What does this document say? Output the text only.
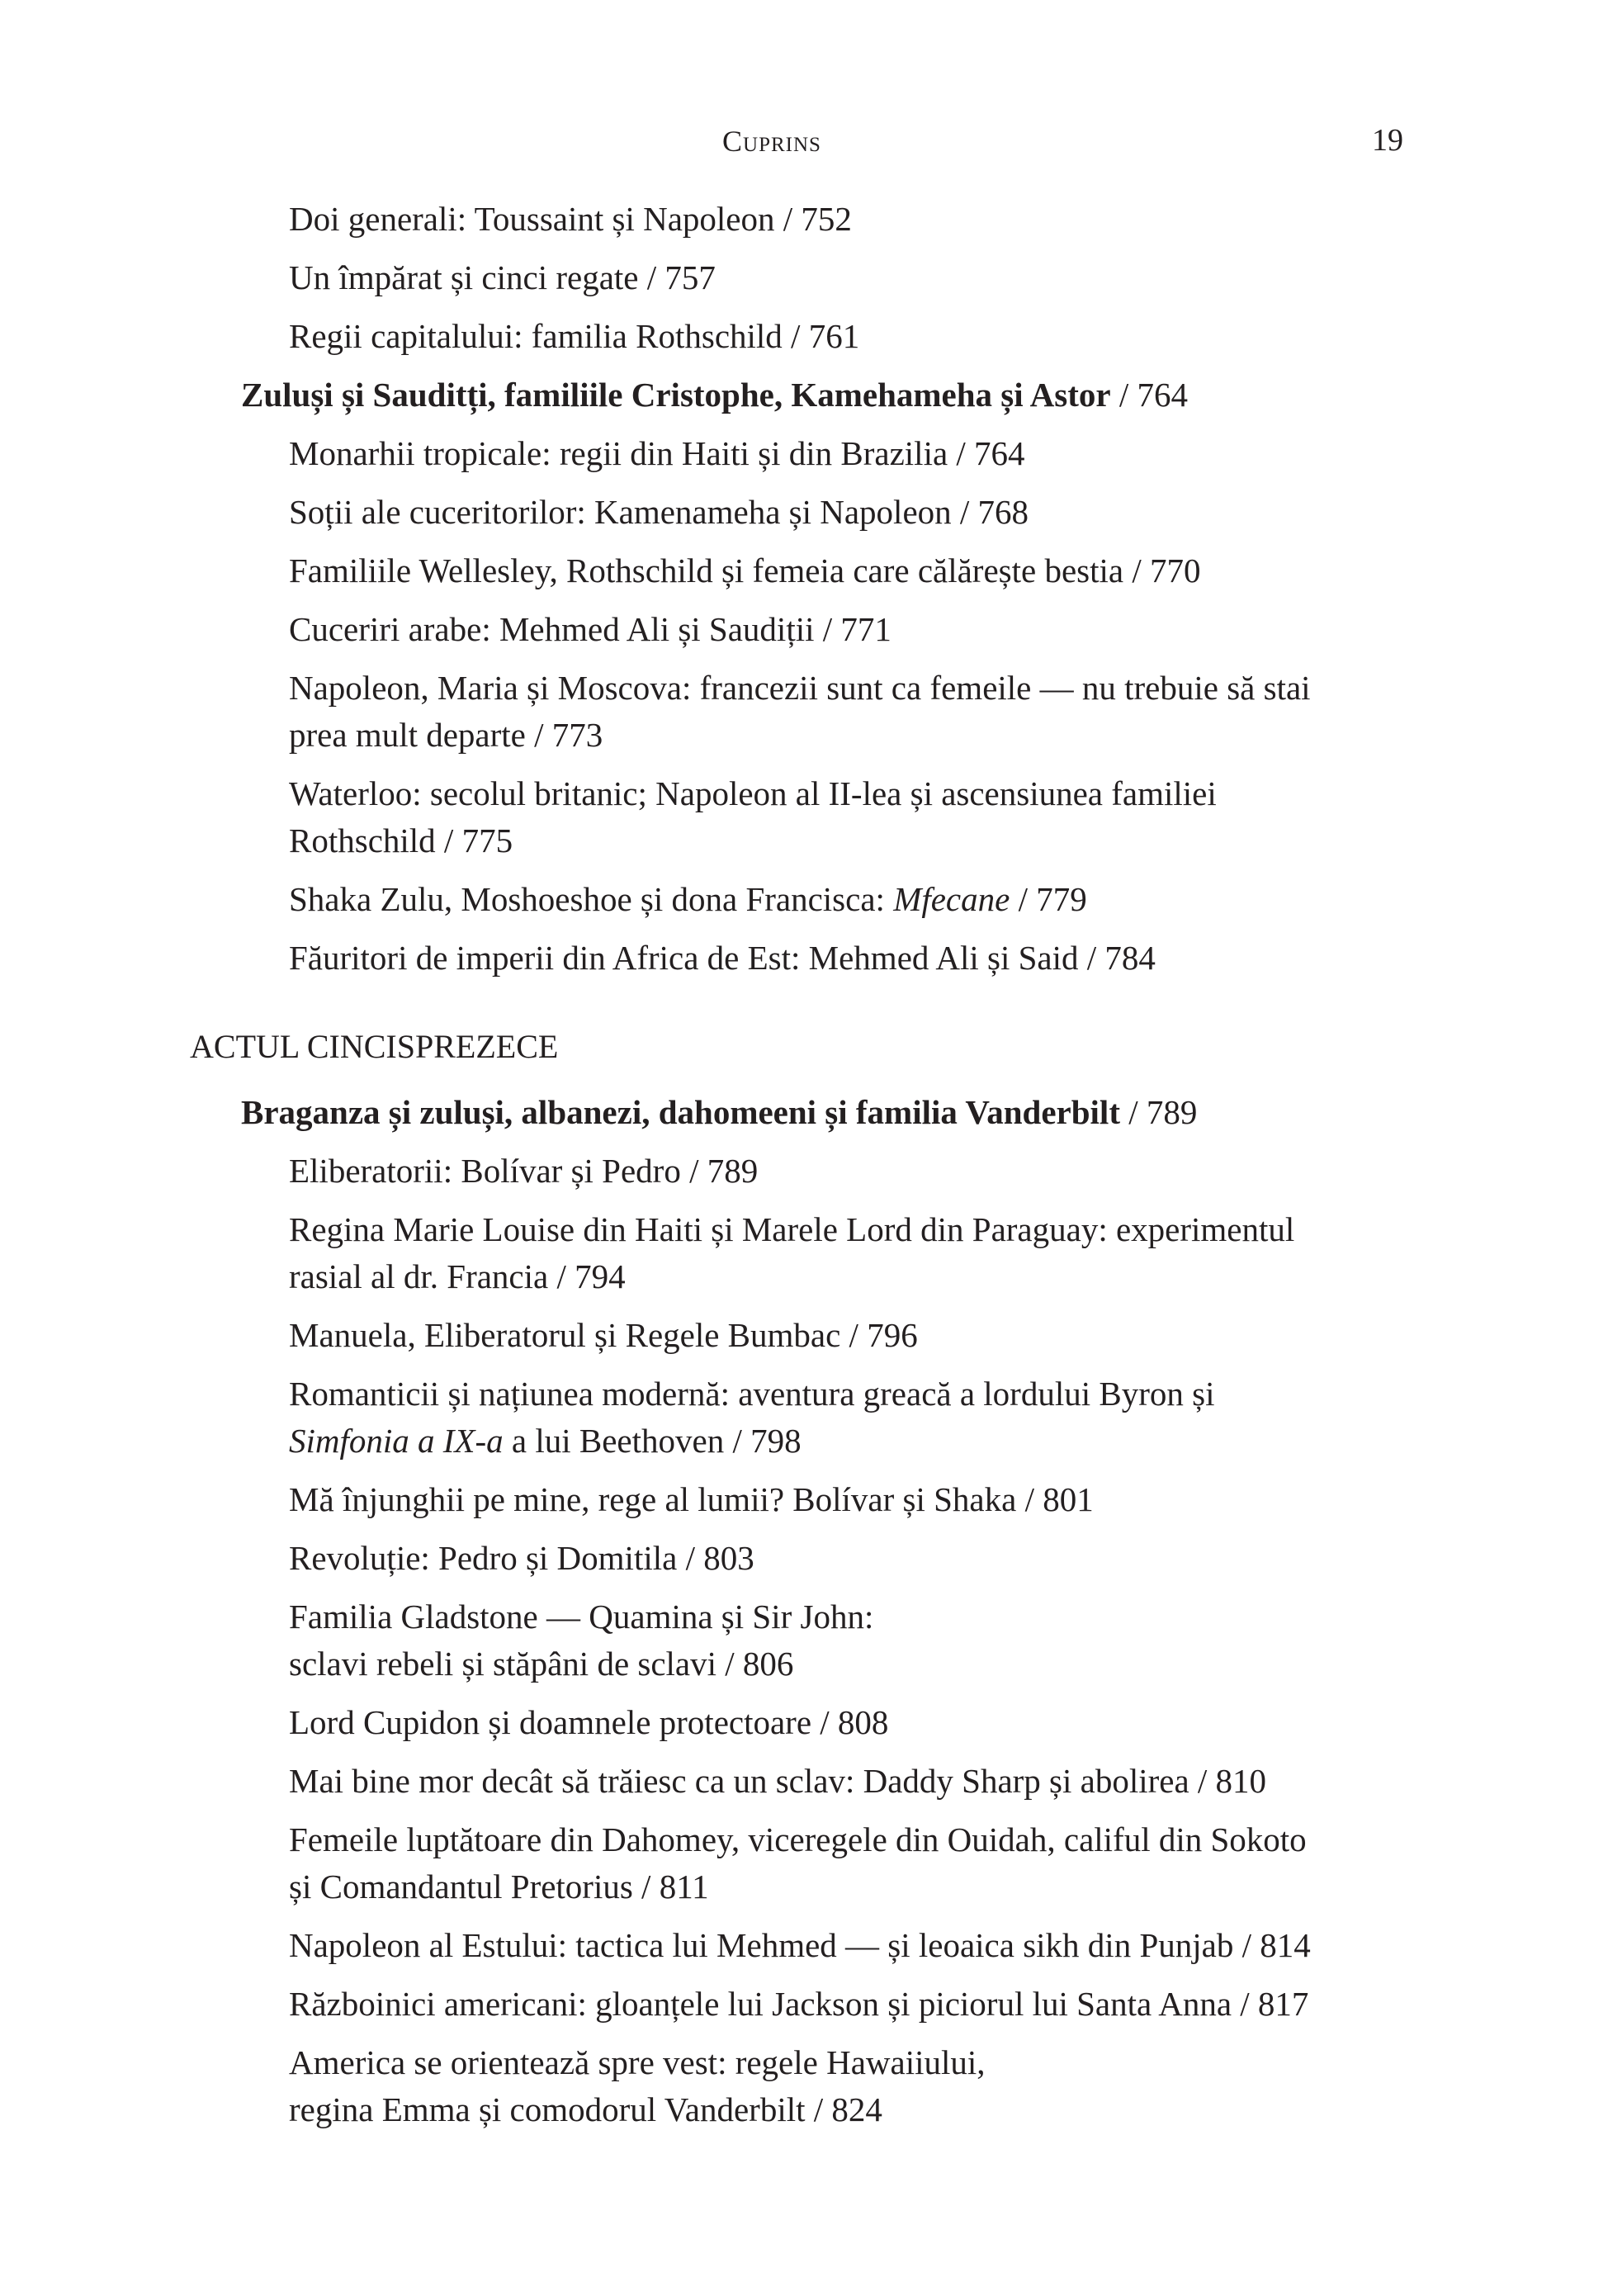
Cuprins	19
Doi generali: Toussaint și Napoleon / 752
Un împărat și cinci regate / 757
Regii capitalului: familia Rothschild / 761
Zuluși și Sauditți, familiile Cristophe, Kamehameha și Astor / 764
Monarhii tropicale: regii din Haiti și din Brazilia / 764
Soții ale cuceritorilor: Kamenameha și Napoleon / 768
Familiile Wellesley, Rothschild și femeia care călărește bestia / 770
Cuceriri arabe: Mehmed Ali și Saudiții / 771
Napoleon, Maria și Moscova: francezii sunt ca femeile — nu trebuie să stai
prea mult departe / 773
Waterloo: secolul britanic; Napoleon al II-lea și ascensiunea familiei
Rothschild / 775
Shaka Zulu, Moshoeshoe și dona Francisca: Mfecane / 779
Făuritori de imperii din Africa de Est: Mehmed Ali și Said / 784
ACTUL CINCISPREZECE
Braganza și zuluși, albanezi, dahomeeni și familia Vanderbilt / 789
Eliberatorii: Bolívar și Pedro / 789
Regina Marie Louise din Haiti și Marele Lord din Paraguay: experimentul
rasial al dr. Francia / 794
Manuela, Eliberatorul și Regele Bumbac / 796
Romanticii și națiunea modernă: aventura greacă a lordului Byron și
Simfonia a IX-a a lui Beethoven / 798
Mă înjunghii pe mine, rege al lumii? Bolívar și Shaka / 801
Revoluție: Pedro și Domitila / 803
Familia Gladstone — Quamina și Sir John:
sclavi rebeli și stăpâni de sclavi / 806
Lord Cupidon și doamnele protectoare / 808
Mai bine mor decât să trăiesc ca un sclav: Daddy Sharp și abolirea / 810
Femeile luptătoare din Dahomey, viceregele din Ouidah, califul din Sokoto
și Comandantul Pretorius / 811
Napoleon al Estului: tactica lui Mehmed — și leoaica sikh din Punjab / 814
Războinici americani: gloanțele lui Jackson și piciorul lui Santa Anna / 817
America se orientează spre vest: regele Hawaiiului,
regina Emma și comodorul Vanderbilt / 824
